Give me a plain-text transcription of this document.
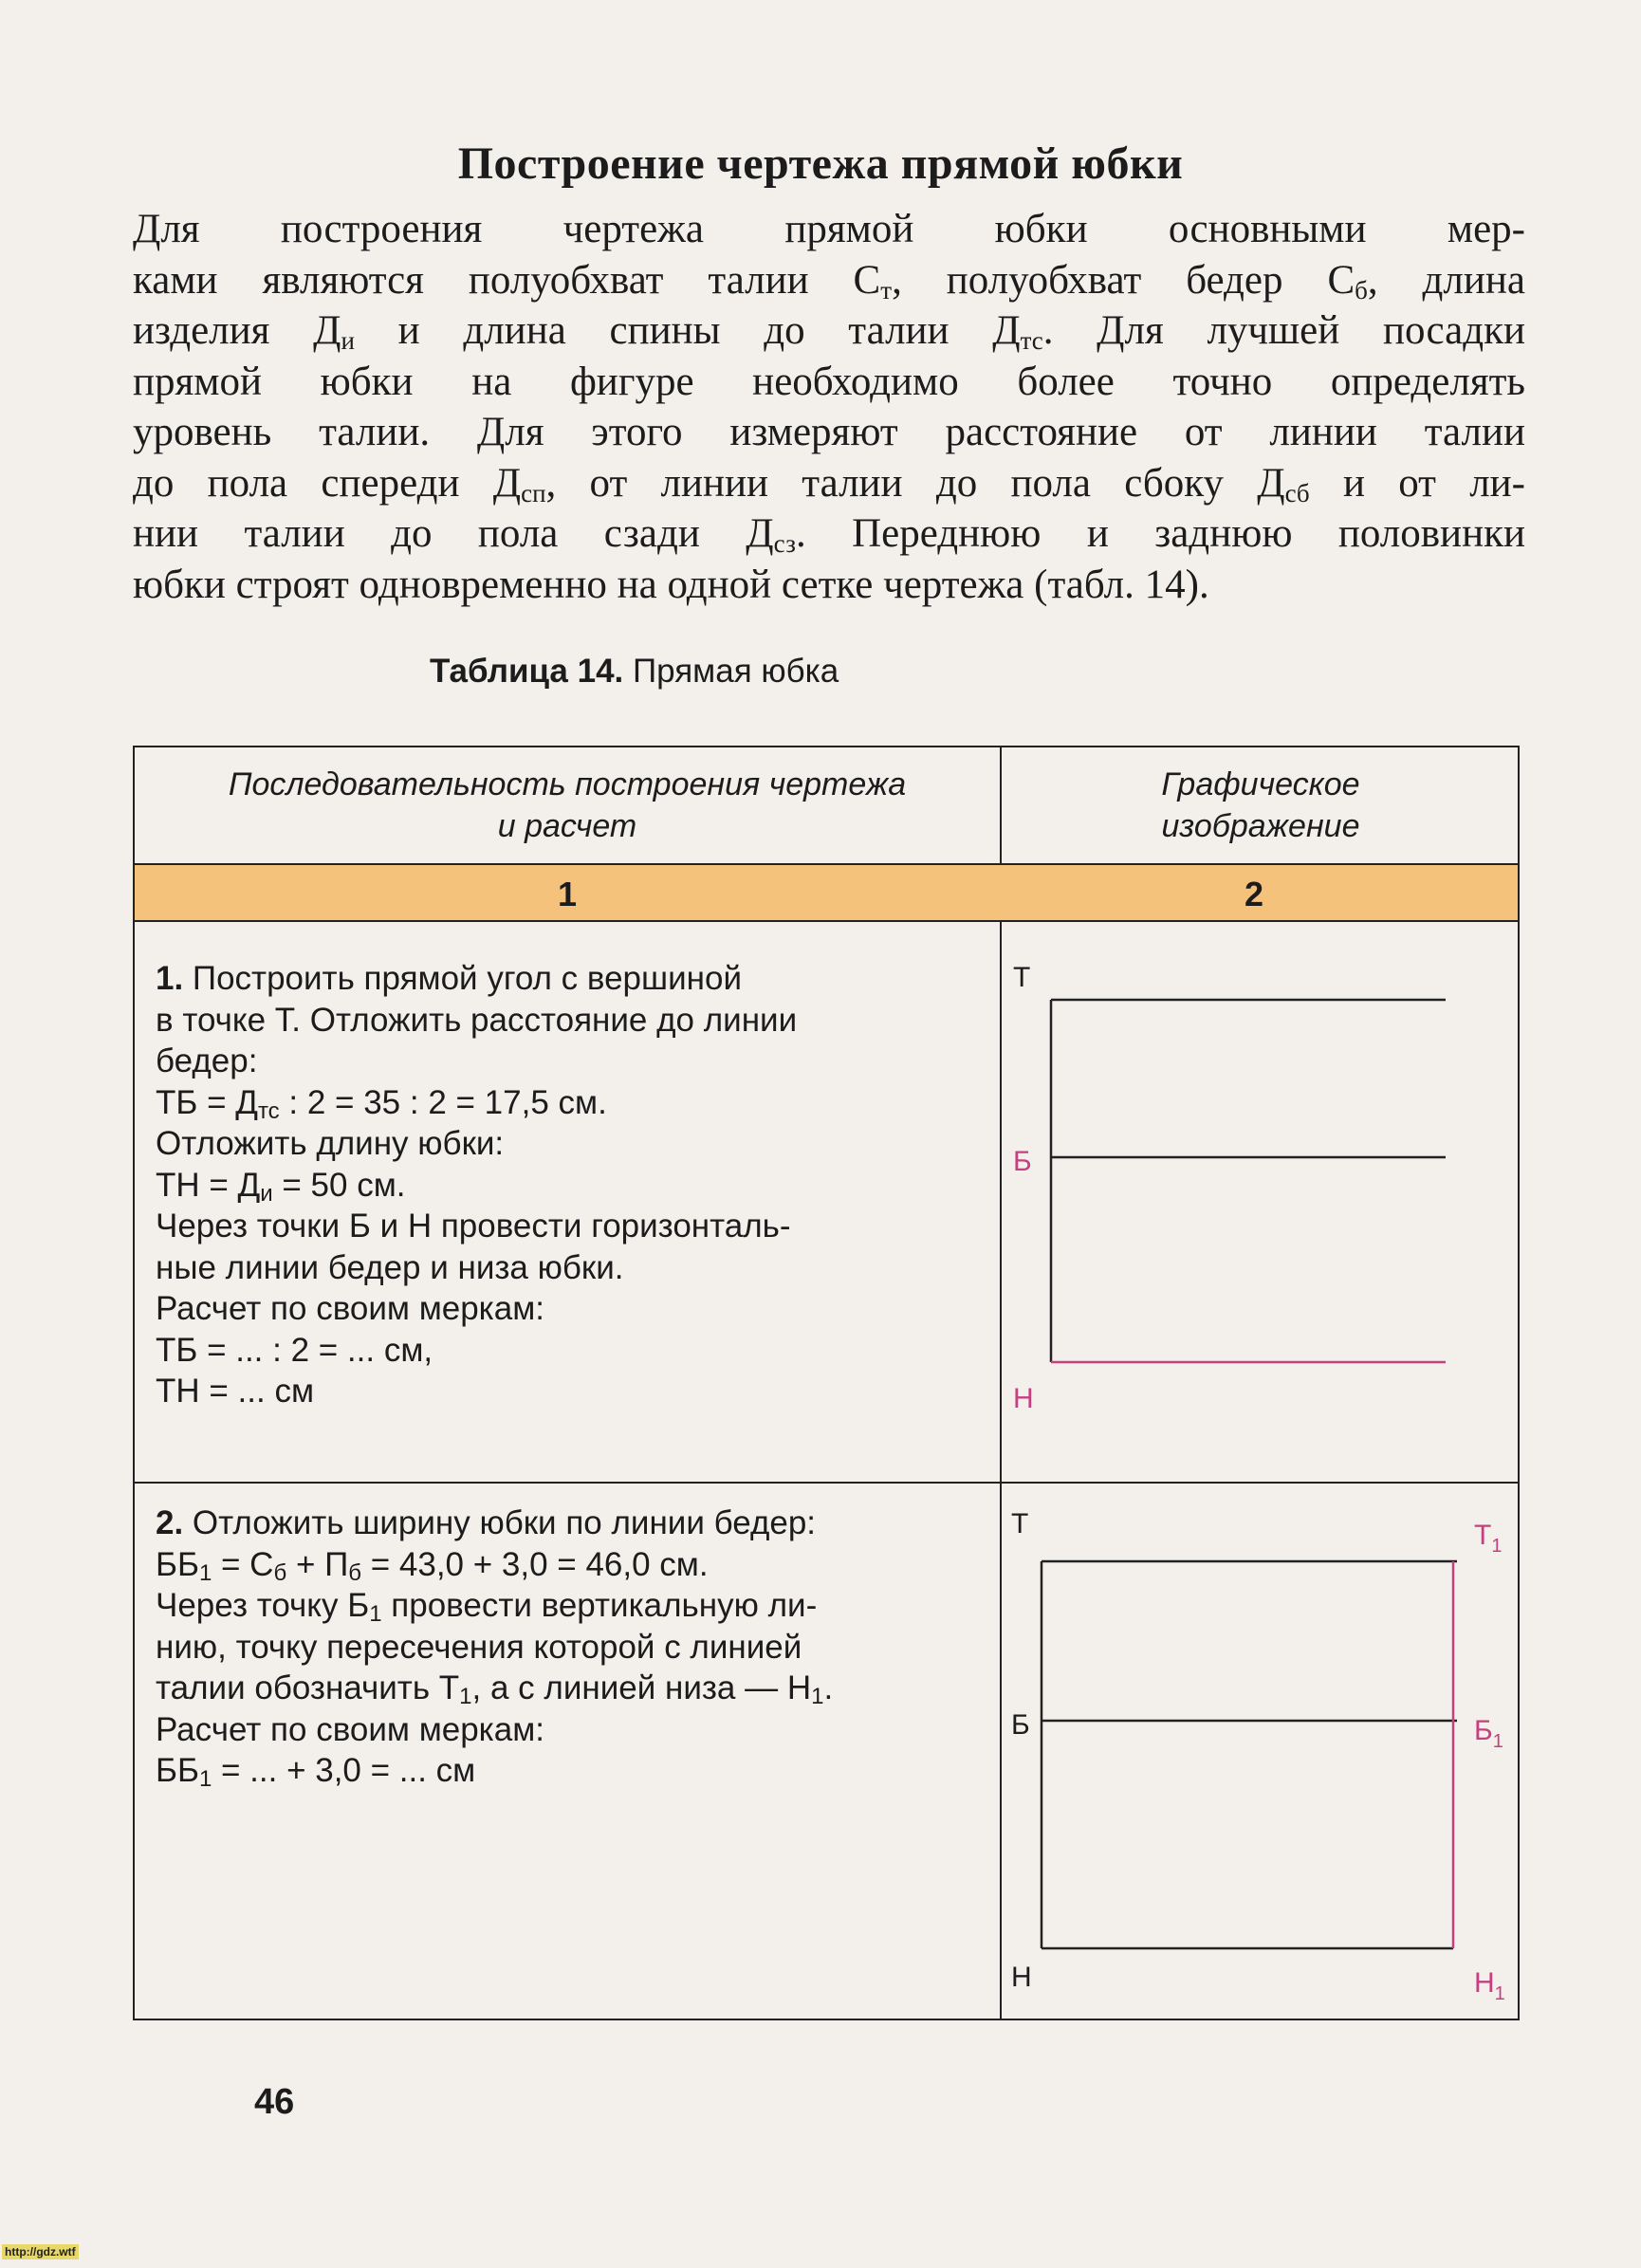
Построение чертежа прямой юбки
Для построения чертежа прямой юбки основными мер-
ками являются полуобхват талии $С_т$, полуобхват бедер $С_б$, длина
изделия $Д_и$ и длина спины до талии $Д_{тс}$. Для лучшей посадки
прямой юбки на фигуре необходимо более точно определять
уровень талии. Для этого измеряют расстояние от линии талии
до пола спереди $Д_{сп}$, от линии талии до пола сбоку $Д_{сб}$ и от ли-
нии талии до пола сзади $Д_{сз}$. Переднюю и заднюю половинки
юбки строят одновременно на одной сетке чертежа (табл. 14).
Таблица 14. Прямая юбка
Последовательность построения чертежа
и расчет
Графическое
изображение
1	2
1. Построить прямой угол с вершиной
в точке Т. Отложить расстояние до линии
бедер:
ТБ = $Д_{тс}$ : 2 = 35 : 2 = 17,5 см.
Отложить длину юбки:
ТН = $Д_и = 50$ см.
Через точки Б и Н провести горизонталь-
ные линии бедер и низа юбки.
Расчет по своим меркам:
ТБ = ... : 2 = ... см,
ТН = ... см
Т
Б
Н
2. Отложить ширину юбки по линии бедер:
$ББ_1 = С_б + П_б = 43,0 + 3,0 = 46,0$ см.
Через точку $Б_1$ провести вертикальную ли-
нию, точку пересечения которой с линией
талии обозначить $Т_1$, а с линией низа — $Н_1$.
Расчет по своим меркам:
$ББ_1$ = ... + 3,0 = ... см
Т
Б
Н
$Т_1$
$Б_1$
$Н_1$
46
http://gdz.wtf
